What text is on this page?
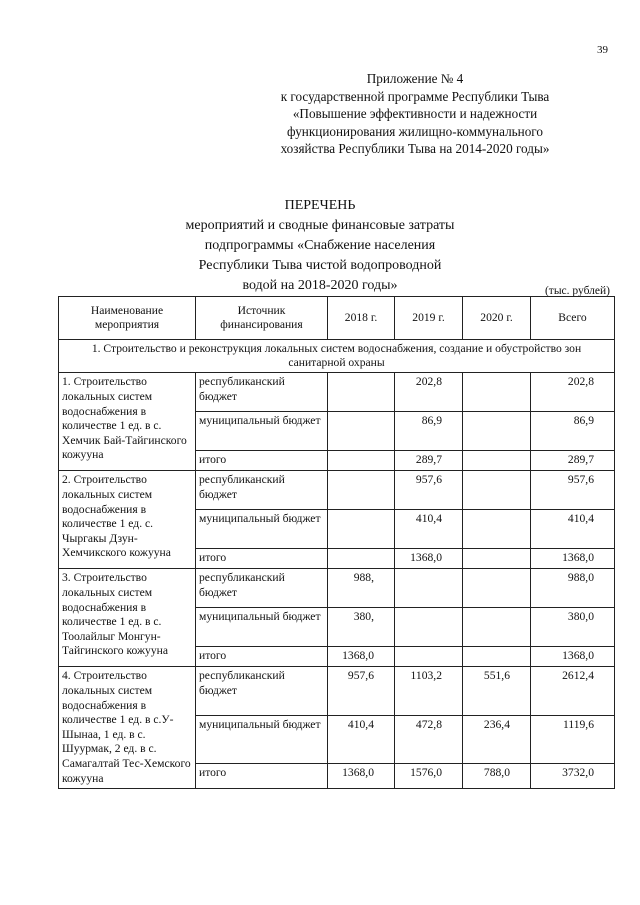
39
Приложение № 4
к государственной программе Республики Тыва
«Повышение эффективности и надежности
функционирования жилищно-коммунального
хозяйства Республики Тыва на 2014-2020 годы»
ПЕРЕЧЕНЬ
мероприятий и сводные финансовые затраты
подпрограммы «Снабжение населения
Республики Тыва чистой водопроводной
водой на 2018-2020 годы»	(тыс. рублей)
Наименование мероприятия	Источник финансирования	2018 г.	2019 г.	2020 г.	Всего
1. Строительство и реконструкция локальных систем водоснабжения, создание и обустройство зон санитарной охраны					
1. Строительство локальных систем водоснабжения в количестве 1 ед. в с. Хемчик Бай-Тайгинского кожууна	республиканский бюджет		202,8		202,8
	муниципальный бюджет		86,9		86,9
	итого		289,7		289,7
2. Строительство локальных систем водоснабжения в количестве 1 ед. с. Чыргакы Дзун-Хемчикского кожууна	республиканский бюджет		957,6		957,6
	муниципальный бюджет		410,4		410,4
	итого		1368,0		1368,0
3. Строительство локальных систем водоснабжения в количестве 1 ед. в с. Тоолайлыг Монгун-Тайгинского кожууна	республиканский бюджет	988,			988,0
	муниципальный бюджет	380,			380,0
	итого	1368,0			1368,0
4. Строительство локальных систем водоснабжения в количестве 1 ед. в с.У-Шынаа, 1 ед. в с. Шуурмак, 2 ед. в с. Самагалтай Тес-Хемского кожууна	республиканский бюджет	957,6	1103,2	551,6	2612,4
	муниципальный бюджет	410,4	472,8	236,4	1119,6
	итого	1368,0	1576,0	788,0	3732,0
